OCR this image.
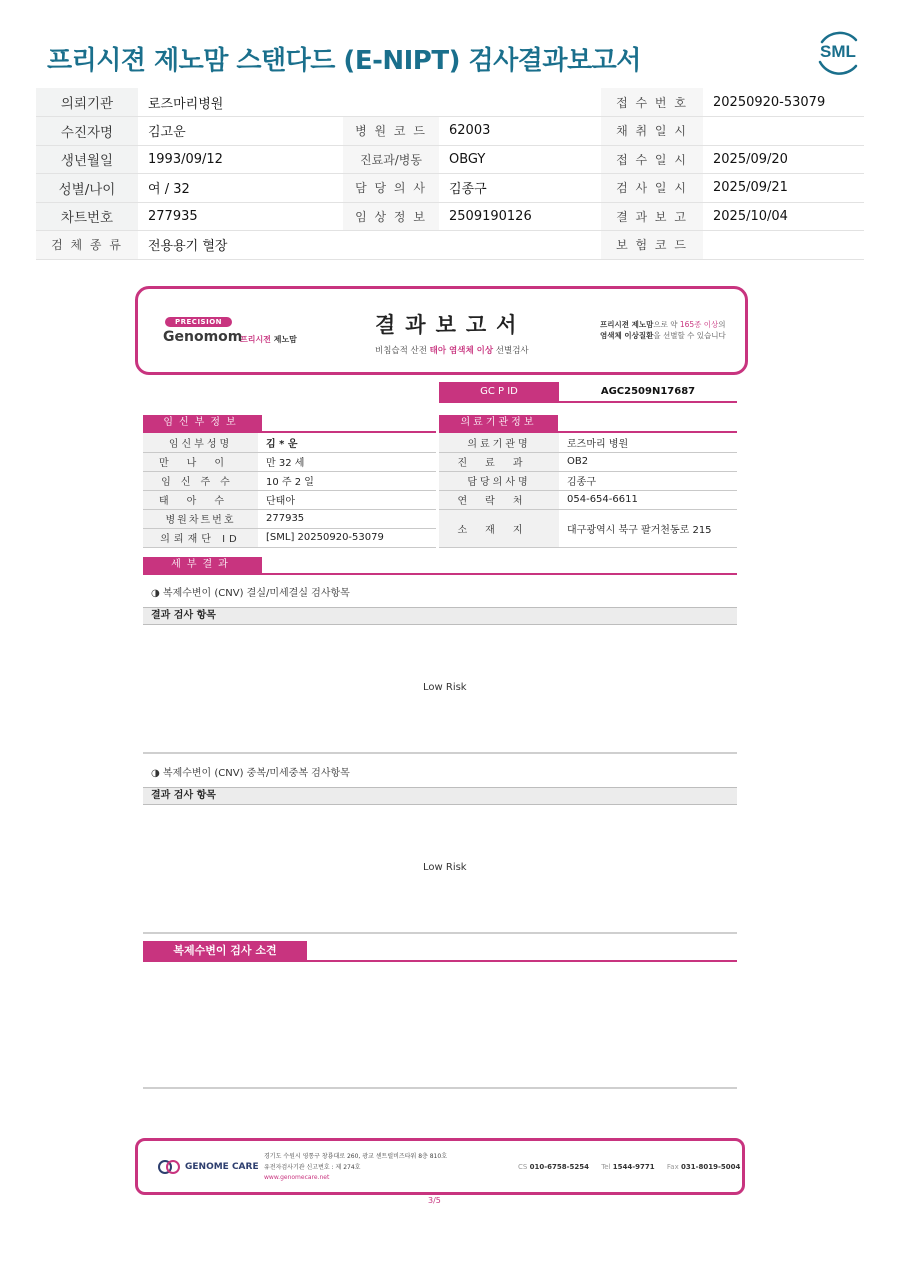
프리시젼 제노맘 스탠다드 (E-NIPT) 검사결과보고서	SML
의뢰기관	로즈마리병원			접 수 번 호	20250920-53079
수진자명	김고운	병 원 코 드	62003	채 취 일 시	
생년월일	1993/09/12	진료과/병동	OBGY	접 수 일 시	2025/09/20
성별/나이	여 / 32	담 당 의 사	김종구	검 사 일 시	2025/09/21
차트번호	277935	임 상 정 보	2509190126	결 과 보 고	2025/10/04
검 체 종 류	전용용기 혈장			보 험 코 드	
PRECISION
Genomom
프리시젼 제노맘
결과보고서
비침습적 산전 태아 염색체 이상 선별검사
프리시젼 제노맘으로 약 165종 이상의
염색체 이상질환을 선별할 수 있습니다
GC P ID	AGC2509N17687
임신부정보
임신부성명	김 * 운
만나이	만 32 세
임신주수	10 주 2 일
태아수	단태아
병원차트번호	277935
의뢰재단 ID	[SML] 20250920-53079
의료기관정보
의료기관명	로즈마리 병원
진료과	OB2
담당의사명	김종구
연락처	054-654-6611
소재지	대구광역시 북구 팔거천동로 215
세부결과
◑ 복제수변이 (CNV) 결실/미세결실 검사항목
결과 검사 항목
Low Risk
◑ 복제수변이 (CNV) 중복/미세중복 검사항목
결과 검사 항목
Low Risk
복제수변이 검사 소견
GENOME CARE
경기도 수원시 영통구 창룡대로 260, 광교 센트럴비즈타워 8층 810호
유전자검사기관 신고번호 : 제 274호
www.genomecare.net
CS 010-6758-5254 Tel 1544-9771 Fax 031-8019-5004
3/5
